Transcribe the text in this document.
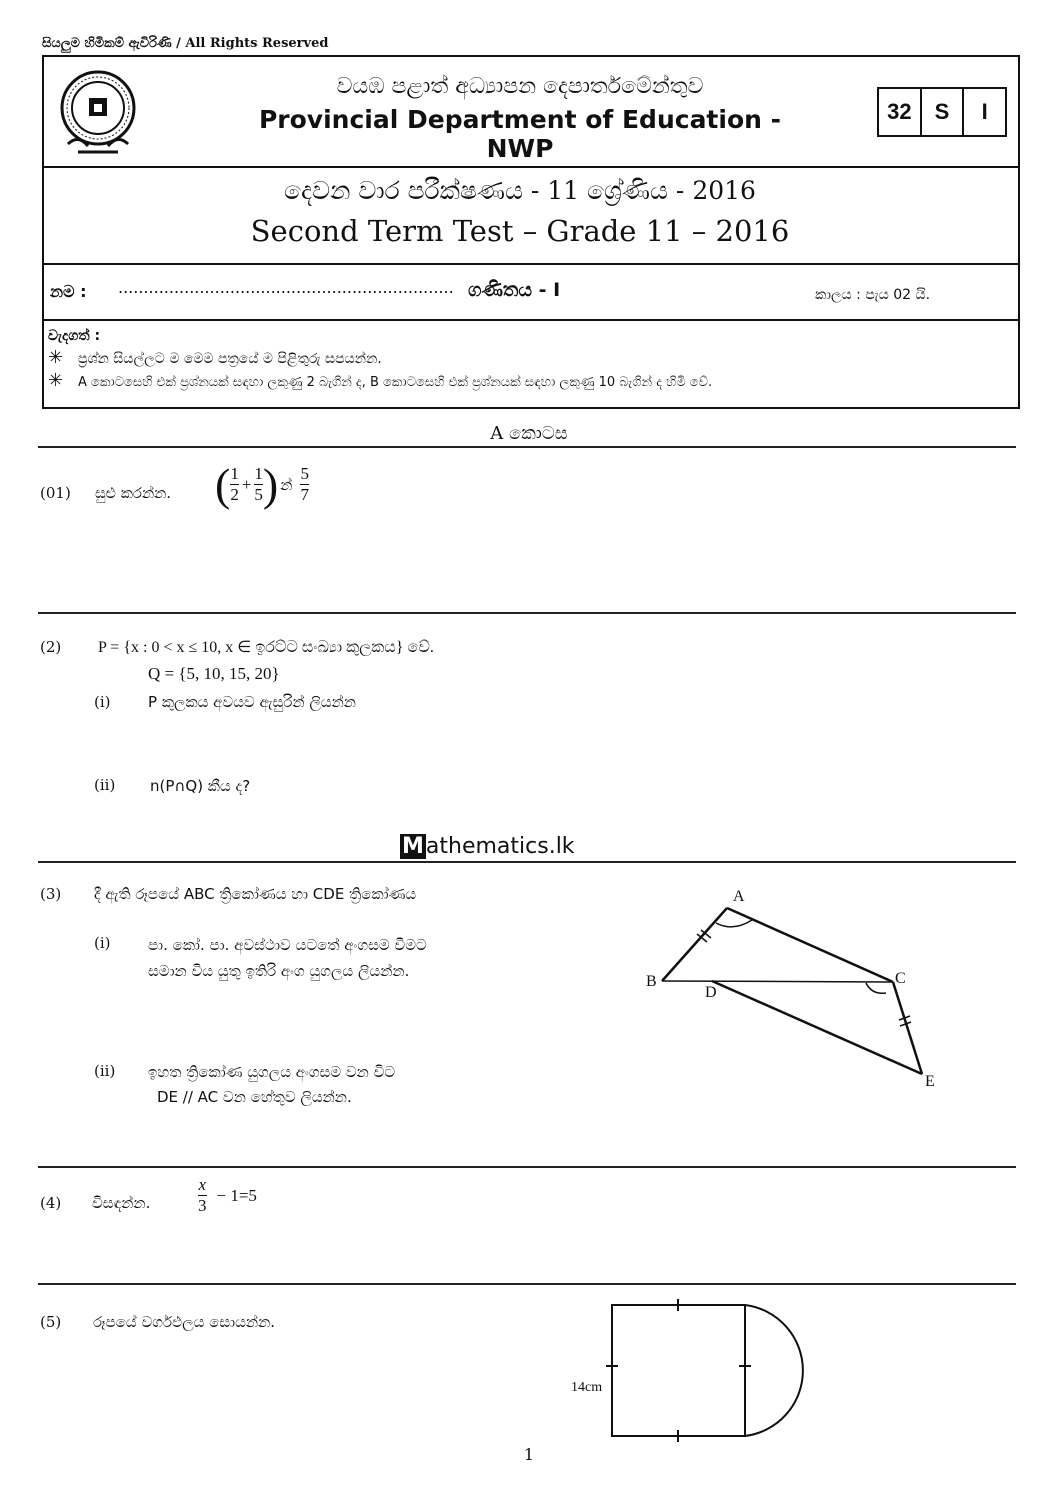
සියලුම හිමිකම් ඇවිරිණි / All Rights Reserved
වයඹ පළාත් අධ්‍යාපන දෙපාර්තමේන්තුව
Provincial Department of Education - NWP
32	S	I
දෙවන වාර පරීක්ෂණය - 11 ශ්‍රේණිය - 2016
Second Term Test – Grade 11 – 2016
නම : .................................................................. ගණිතය - I	කාලය : පැය 02 යි.
වැදගත් :
✳ ප්‍රශ්න සියල්ලට ම මෙම පත්‍රයේ ම පිළිතුරු සපයන්න.
✳ A කොටසෙහි එක් ප්‍රශ්නයක් සඳහා ලකුණු 2 බැගින් ද, B කොටසෙහි එක් ප්‍රශ්නයක් සඳහා ලකුණු 10 බැගින් ද හිමි වේ.
A කොටස
(01) සුළු කරන්න. ( $\frac{1}{2} + \frac{1}{5}$ ) න් $\frac{5}{7}$
(2) P = {x : 0 < x ≤ 10, x ∈ ඉරට්ට සංඛ්‍යා කුලකය} වේ.
Q = {5, 10, 15, 20}
(i) P කුලකය අවයව ඇසුරින් ලියන්න
(ii) n(P∩Q) කීය ද?
Mathematics.lk
(3) දී ඇති රූපයේ ABC ත්‍රිකෝණය හා CDE ත්‍රිකෝණය
(i) පා. කෝ. පා. අවස්ථාව යටතේ අංගසම වීමට
සමාන විය යුතු ඉතිරි අංග යුගලය ලියන්න.
(ii) ඉහත ත්‍රිකෝණ යුගලය අංගසම වන විට
DE // AC වන හේතුව ලියන්න.
A
B	C
D
E
(4) විසඳන්න.	$\frac{x}{3} - 1=5$
(5) රූපයේ වර්ගඵලය සොයන්න.
14cm
1
